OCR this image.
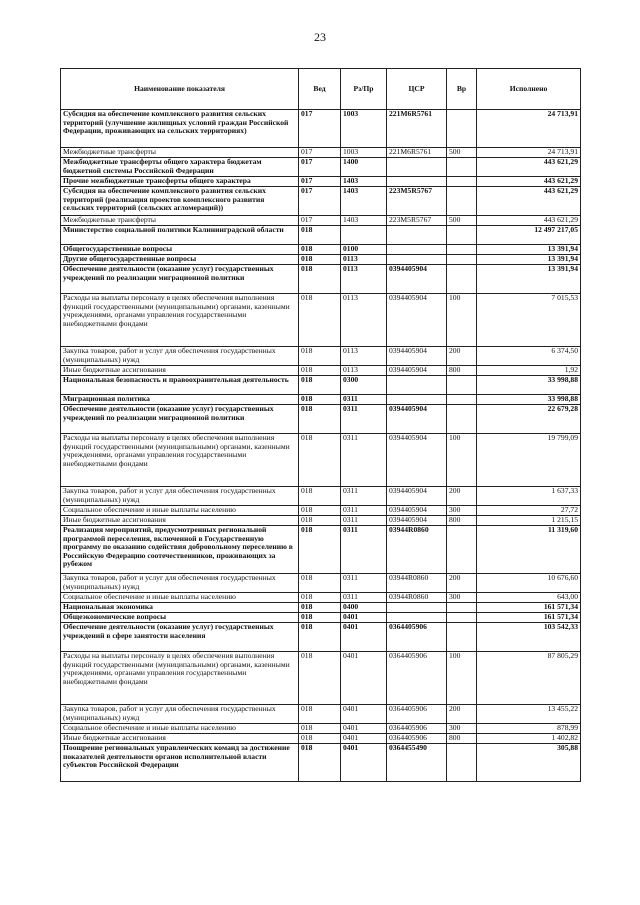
23
Наименование показателя	Вед	Рз/Пр	ЦСР	Вр	Исполнено
Субсидия на обеспечение комплексного развития сельских территорий (улучшение жилищных условий граждан Российской Федерации, проживающих на сельских территориях)	017	1003	221M6R5761		24 713,91
Межбюджетные трансферты	017	1003	221M6R5761	500	24 713,91
Межбюджетные трансферты общего характера бюджетам бюджетной системы Российской Федерации	017	1400			443 621,29
Прочие межбюджетные трансферты общего характера	017	1403			443 621,29
Субсидия на обеспечение комплексного развития сельских территорий (реализация проектов комплексного развития сельских территорий (сельских агломераций))	017	1403	223M5R5767		443 621,29
Межбюджетные трансферты	017	1403	223M5R5767	500	443 621,29
Министерство социальной политики Калининградской области	018				12 497 217,05
Общегосударственные вопросы	018	0100			13 391,94
Другие общегосударственные вопросы	018	0113			13 391,94
Обеспечение деятельности (оказание услуг) государственных учреждений по реализации миграционной политики	018	0113	0394405904		13 391,94
Расходы на выплаты персоналу в целях обеспечения выполнения функций государственными (муниципальными) органами, казенными учреждениями, органами управления государственными внебюджетными фондами	018	0113	0394405904	100	7 015,53
Закупка товаров, работ и услуг для обеспечения государственных (муниципальных) нужд	018	0113	0394405904	200	6 374,50
Иные бюджетные ассигнования	018	0113	0394405904	800	1,92
Национальная безопасность и правоохранительная деятельность	018	0300			33 998,88
Миграционная политика	018	0311			33 998,88
Обеспечение деятельности (оказание услуг) государственных учреждений по реализации миграционной политики	018	0311	0394405904		22 679,28
Расходы на выплаты персоналу в целях обеспечения выполнения функций государственными (муниципальными) органами, казенными учреждениями, органами управления государственными внебюджетными фондами	018	0311	0394405904	100	19 799,09
Закупка товаров, работ и услуг для обеспечения государственных (муниципальных) нужд	018	0311	0394405904	200	1 637,33
Социальное обеспечение и иные выплаты населению	018	0311	0394405904	300	27,72
Иные бюджетные ассигнования	018	0311	0394405904	800	1 215,15
Реализация мероприятий, предусмотренных региональной программой переселения, включенной в Государственную программу по оказанию содействия добровольному переселению в Российскую Федерацию соотечественников, проживающих за рубежом	018	0311	03944R0860		11 319,60
Закупка товаров, работ и услуг для обеспечения государственных (муниципальных) нужд	018	0311	03944R0860	200	10 676,60
Социальное обеспечение и иные выплаты населению	018	0311	03944R0860	300	643,00
Национальная экономика	018	0400			161 571,34
Общеэкономические вопросы	018	0401			161 571,34
Обеспечение деятельности (оказание услуг) государственных учреждений в сфере занятости населения	018	0401	0364405906		103 542,33
Расходы на выплаты персоналу в целях обеспечения выполнения функций государственными (муниципальными) органами, казенными учреждениями, органами управления государственными внебюджетными фондами	018	0401	0364405906	100	87 805,29
Закупка товаров, работ и услуг для обеспечения государственных (муниципальных) нужд	018	0401	0364405906	200	13 455,22
Социальное обеспечение и иные выплаты населению	018	0401	0364405906	300	878,99
Иные бюджетные ассигнования	018	0401	0364405906	800	1 402,82
Поощрение региональных управленческих команд за достижение показателей деятельности органов исполнительной власти субъектов Российской Федерации	018	0401	0364455490		305,88
